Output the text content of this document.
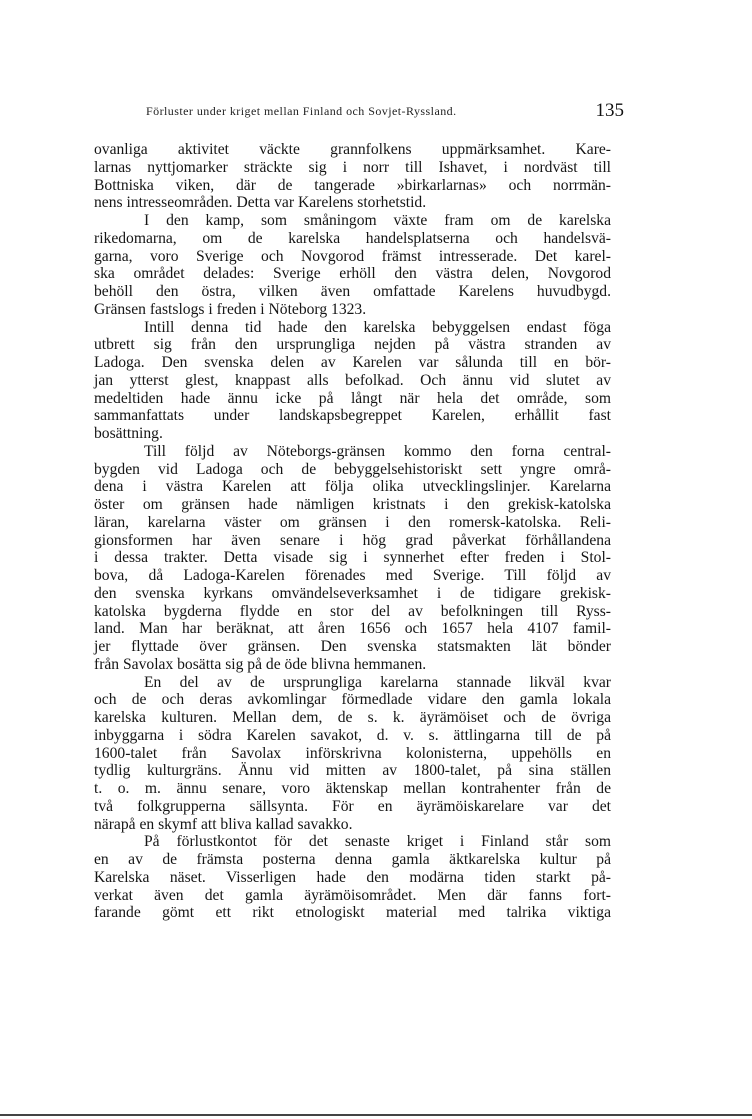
Förluster under kriget mellan Finland och Sovjet-Ryssland.	135
ovanliga aktivitet väckte grannfolkens uppmärksamhet. Kare-
larnas nyttjomarker sträckte sig i norr till Ishavet, i nordväst till
Bottniska viken, där de tangerade »birkarlarnas» och norrmän-
nens intresseområden. Detta var Karelens storhetstid.
I den kamp, som småningom växte fram om de karelska
rikedomarna, om de karelska handelsplatserna och handelsvä-
garna, voro Sverige och Novgorod främst intresserade. Det karel-
ska området delades: Sverige erhöll den västra delen, Novgorod
behöll den östra, vilken även omfattade Karelens huvudbygd.
Gränsen fastslogs i freden i Nöteborg 1323.
Intill denna tid hade den karelska bebyggelsen endast föga
utbrett sig från den ursprungliga nejden på västra stranden av
Ladoga. Den svenska delen av Karelen var sålunda till en bör-
jan ytterst glest, knappast alls befolkad. Och ännu vid slutet av
medeltiden hade ännu icke på långt när hela det område, som
sammanfattats under landskapsbegreppet Karelen, erhållit fast
bosättning.
Till följd av Nöteborgs-gränsen kommo den forna central-
bygden vid Ladoga och de bebyggelsehistoriskt sett yngre områ-
dena i västra Karelen att följa olika utvecklingslinjer. Karelarna
öster om gränsen hade nämligen kristnats i den grekisk-katolska
läran, karelarna väster om gränsen i den romersk-katolska. Reli-
gionsformen har även senare i hög grad påverkat förhållandena
i dessa trakter. Detta visade sig i synnerhet efter freden i Stol-
bova, då Ladoga-Karelen förenades med Sverige. Till följd av
den svenska kyrkans omvändelseverksamhet i de tidigare grekisk-
katolska bygderna flydde en stor del av befolkningen till Ryss-
land. Man har beräknat, att åren 1656 och 1657 hela 4107 famil-
jer flyttade över gränsen. Den svenska statsmakten lät bönder
från Savolax bosätta sig på de öde blivna hemmanen.
En del av de ursprungliga karelarna stannade likväl kvar
och de och deras avkomlingar förmedlade vidare den gamla lokala
karelska kulturen. Mellan dem, de s. k. äyrämöiset och de övriga
inbyggarna i södra Karelen savakot, d. v. s. ättlingarna till de på
1600-talet från Savolax införskrivna kolonisterna, uppehölls en
tydlig kulturgräns. Ännu vid mitten av 1800-talet, på sina ställen
t. o. m. ännu senare, voro äktenskap mellan kontrahenter från de
två folkgrupperna sällsynta. För en äyrämöiskarelare var det
närapå en skymf att bliva kallad savakko.
På förlustkontot för det senaste kriget i Finland står som
en av de främsta posterna denna gamla äktkarelska kultur på
Karelska näset. Visserligen hade den modärna tiden starkt på-
verkat även det gamla äyrämöisområdet. Men där fanns fort-
farande gömt ett rikt etnologiskt material med talrika viktiga
